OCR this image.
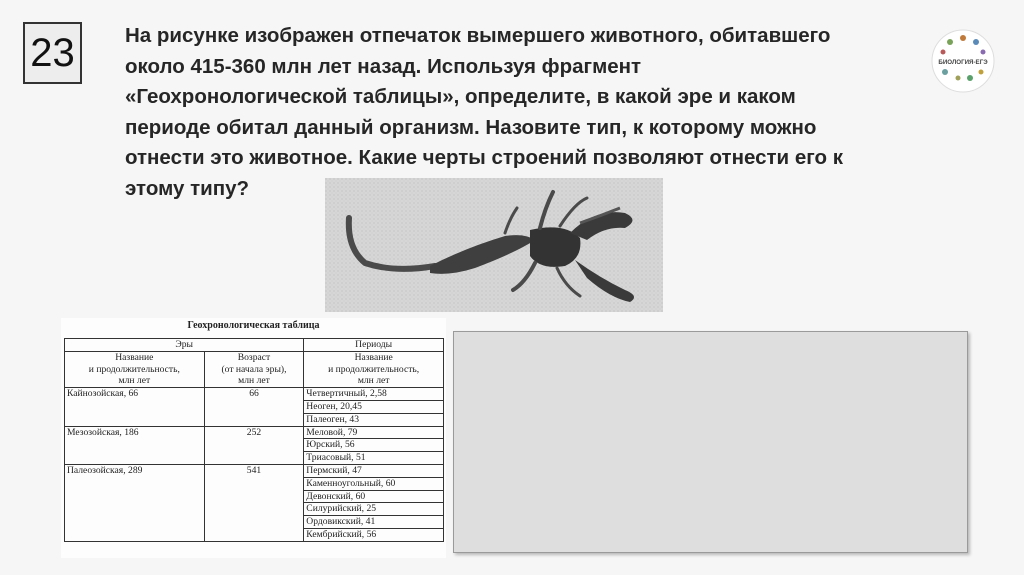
23 На рисунке изображен отпечаток вымершего животного, обитавшего
около 415-360 млн лет назад. Используя фрагмент
«Геохронологической таблицы», определите, в какой эре и каком
периоде обитал данный организм. Назовите тип, к которому можно
отнести это животное. Какие черты строений позволяют отнести его к
этому типу?

БИОЛОГИЯ-ЕГЭ
Геохронологическая таблица
Эры		Периоды
Название
и продолжительность,
млн лет	Возраст
(от начала эры),
млн лет	Название
и продолжительность,
млн лет
Кайнозойская, 66	66	Четвертичный, 2,58
		Неоген, 20,45
		Палеоген, 43
Мезозойская, 186	252	Меловой, 79
		Юрский, 56
		Триасовый, 51
Палеозойская, 289	541	Пермский, 47
		Каменноугольный, 60
		Девонский, 60
		Силурийский, 25
		Ордовикский, 41
		Кембрийский, 56
